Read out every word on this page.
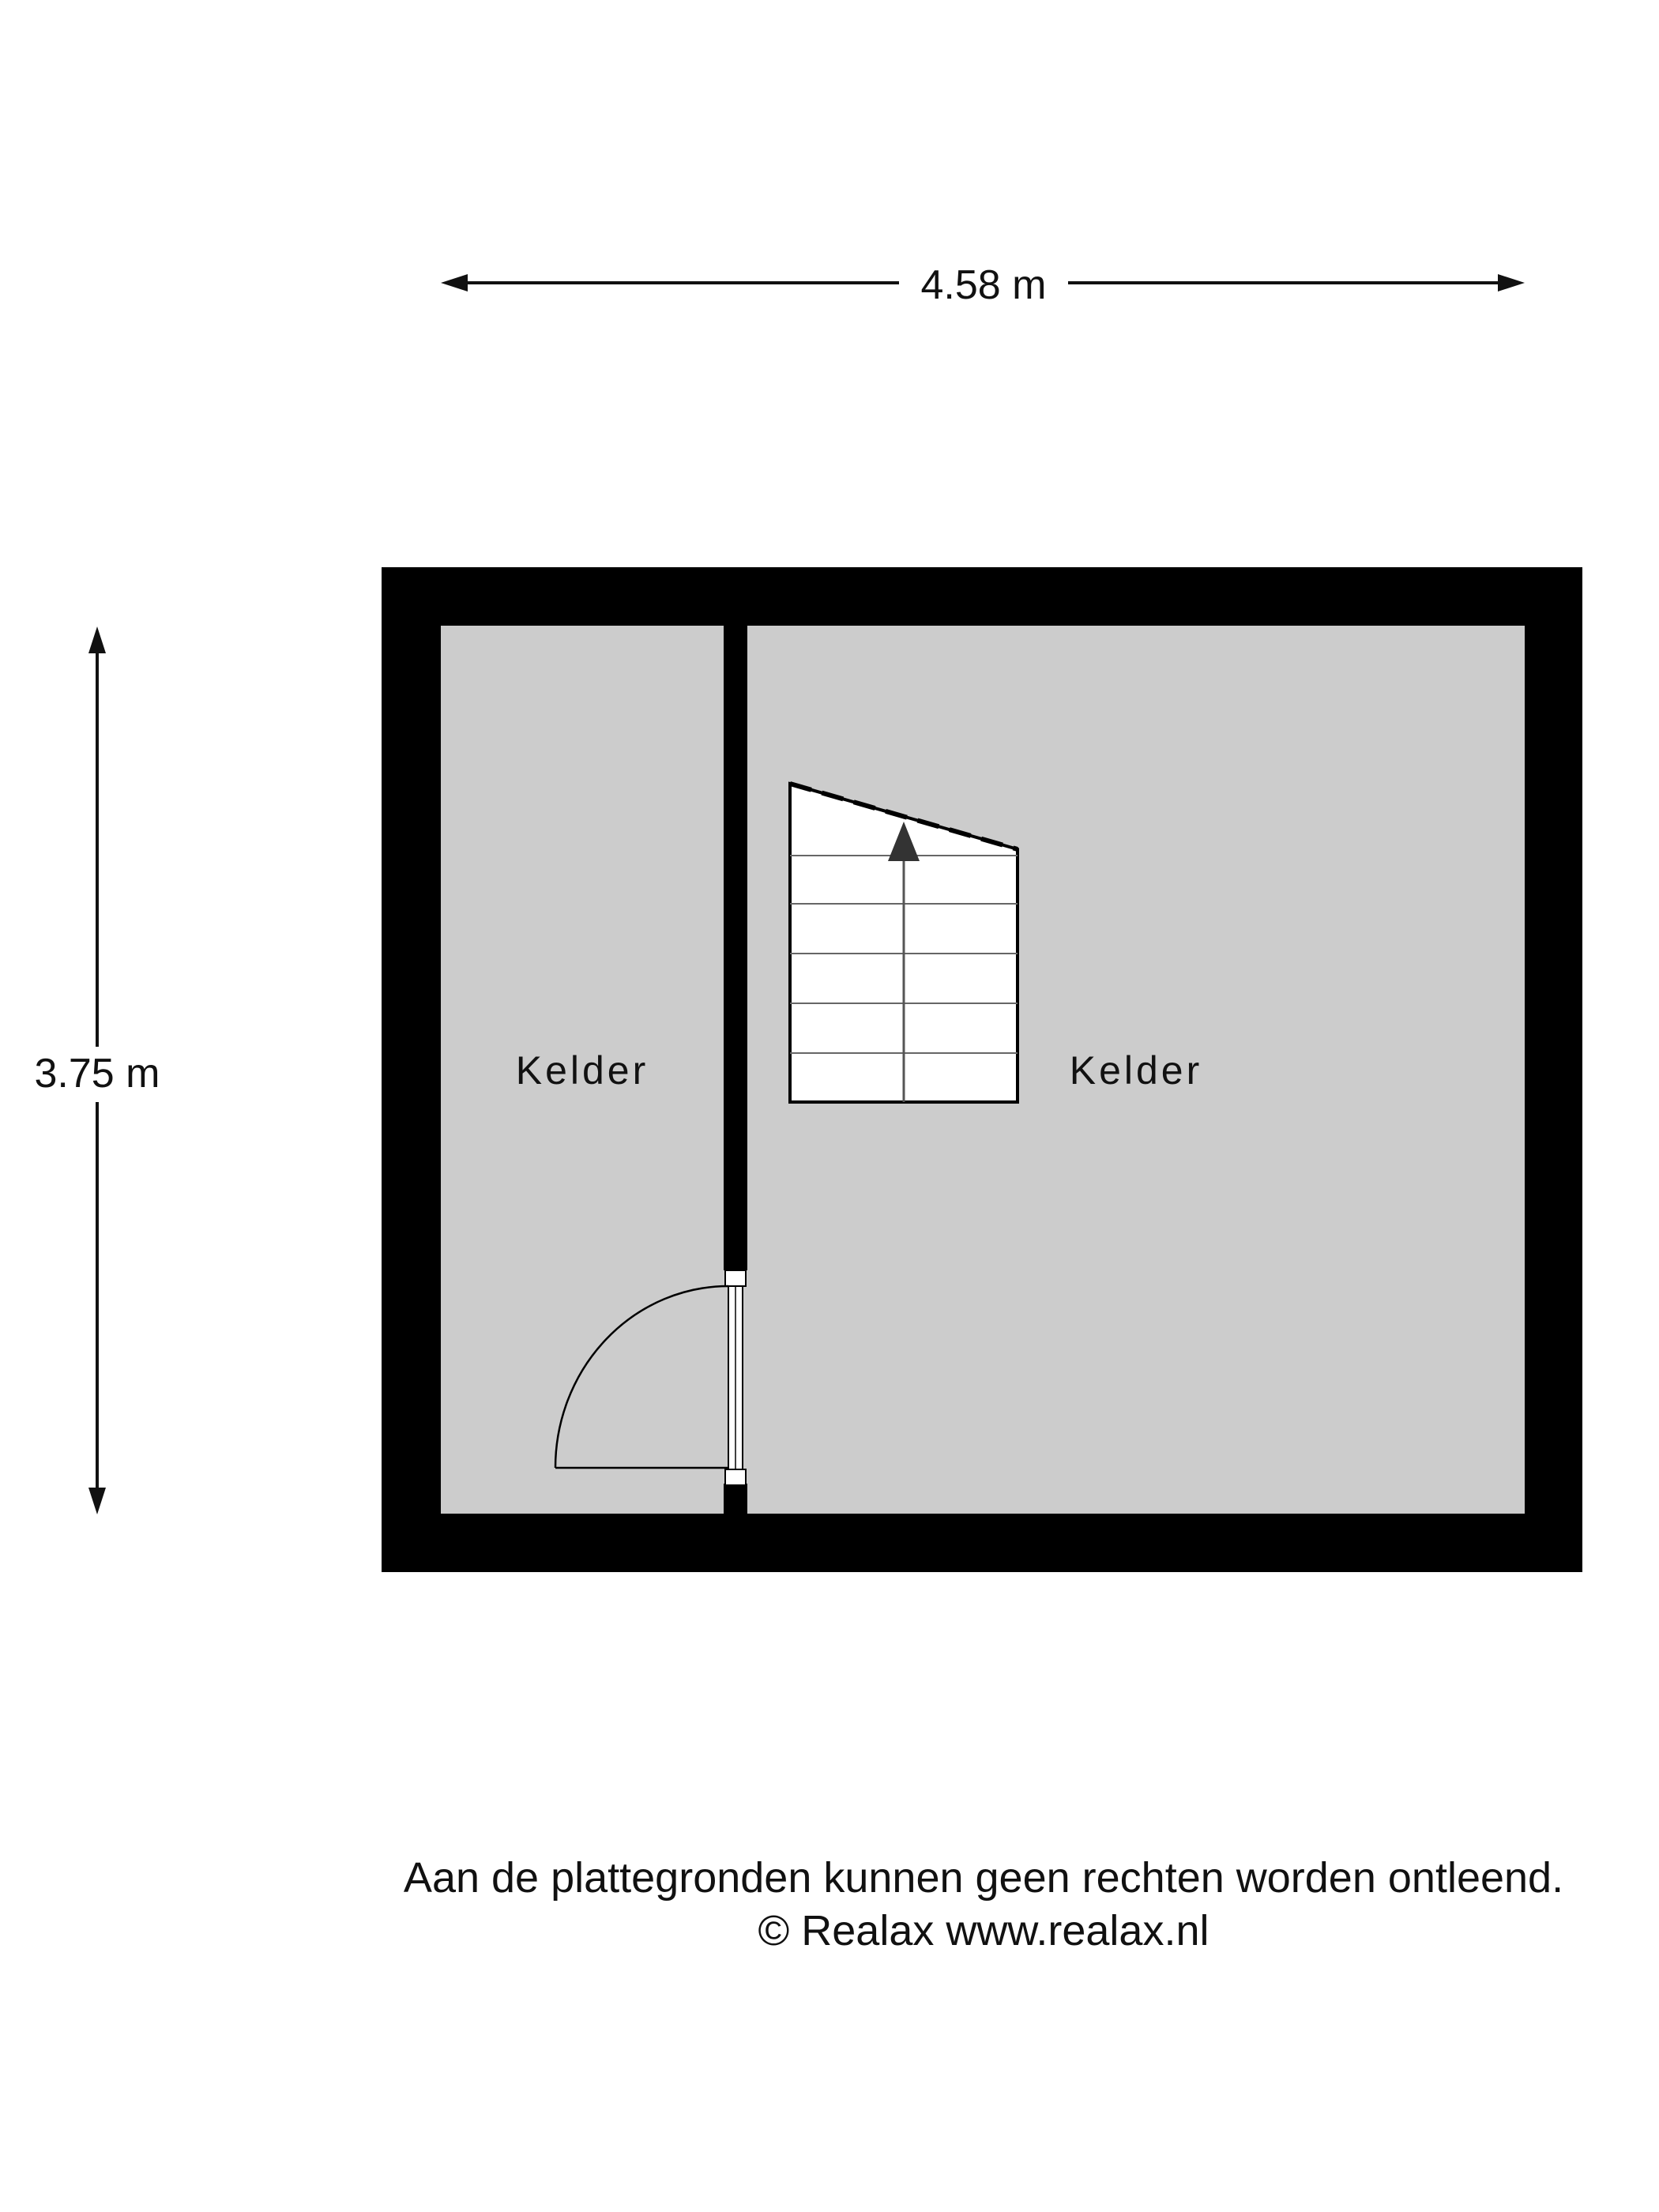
4.58 m
3.75 m	Kelder	Kelder
Aan de plattegronden kunnen geen rechten worden ontleend.
© Realax www.realax.nl
